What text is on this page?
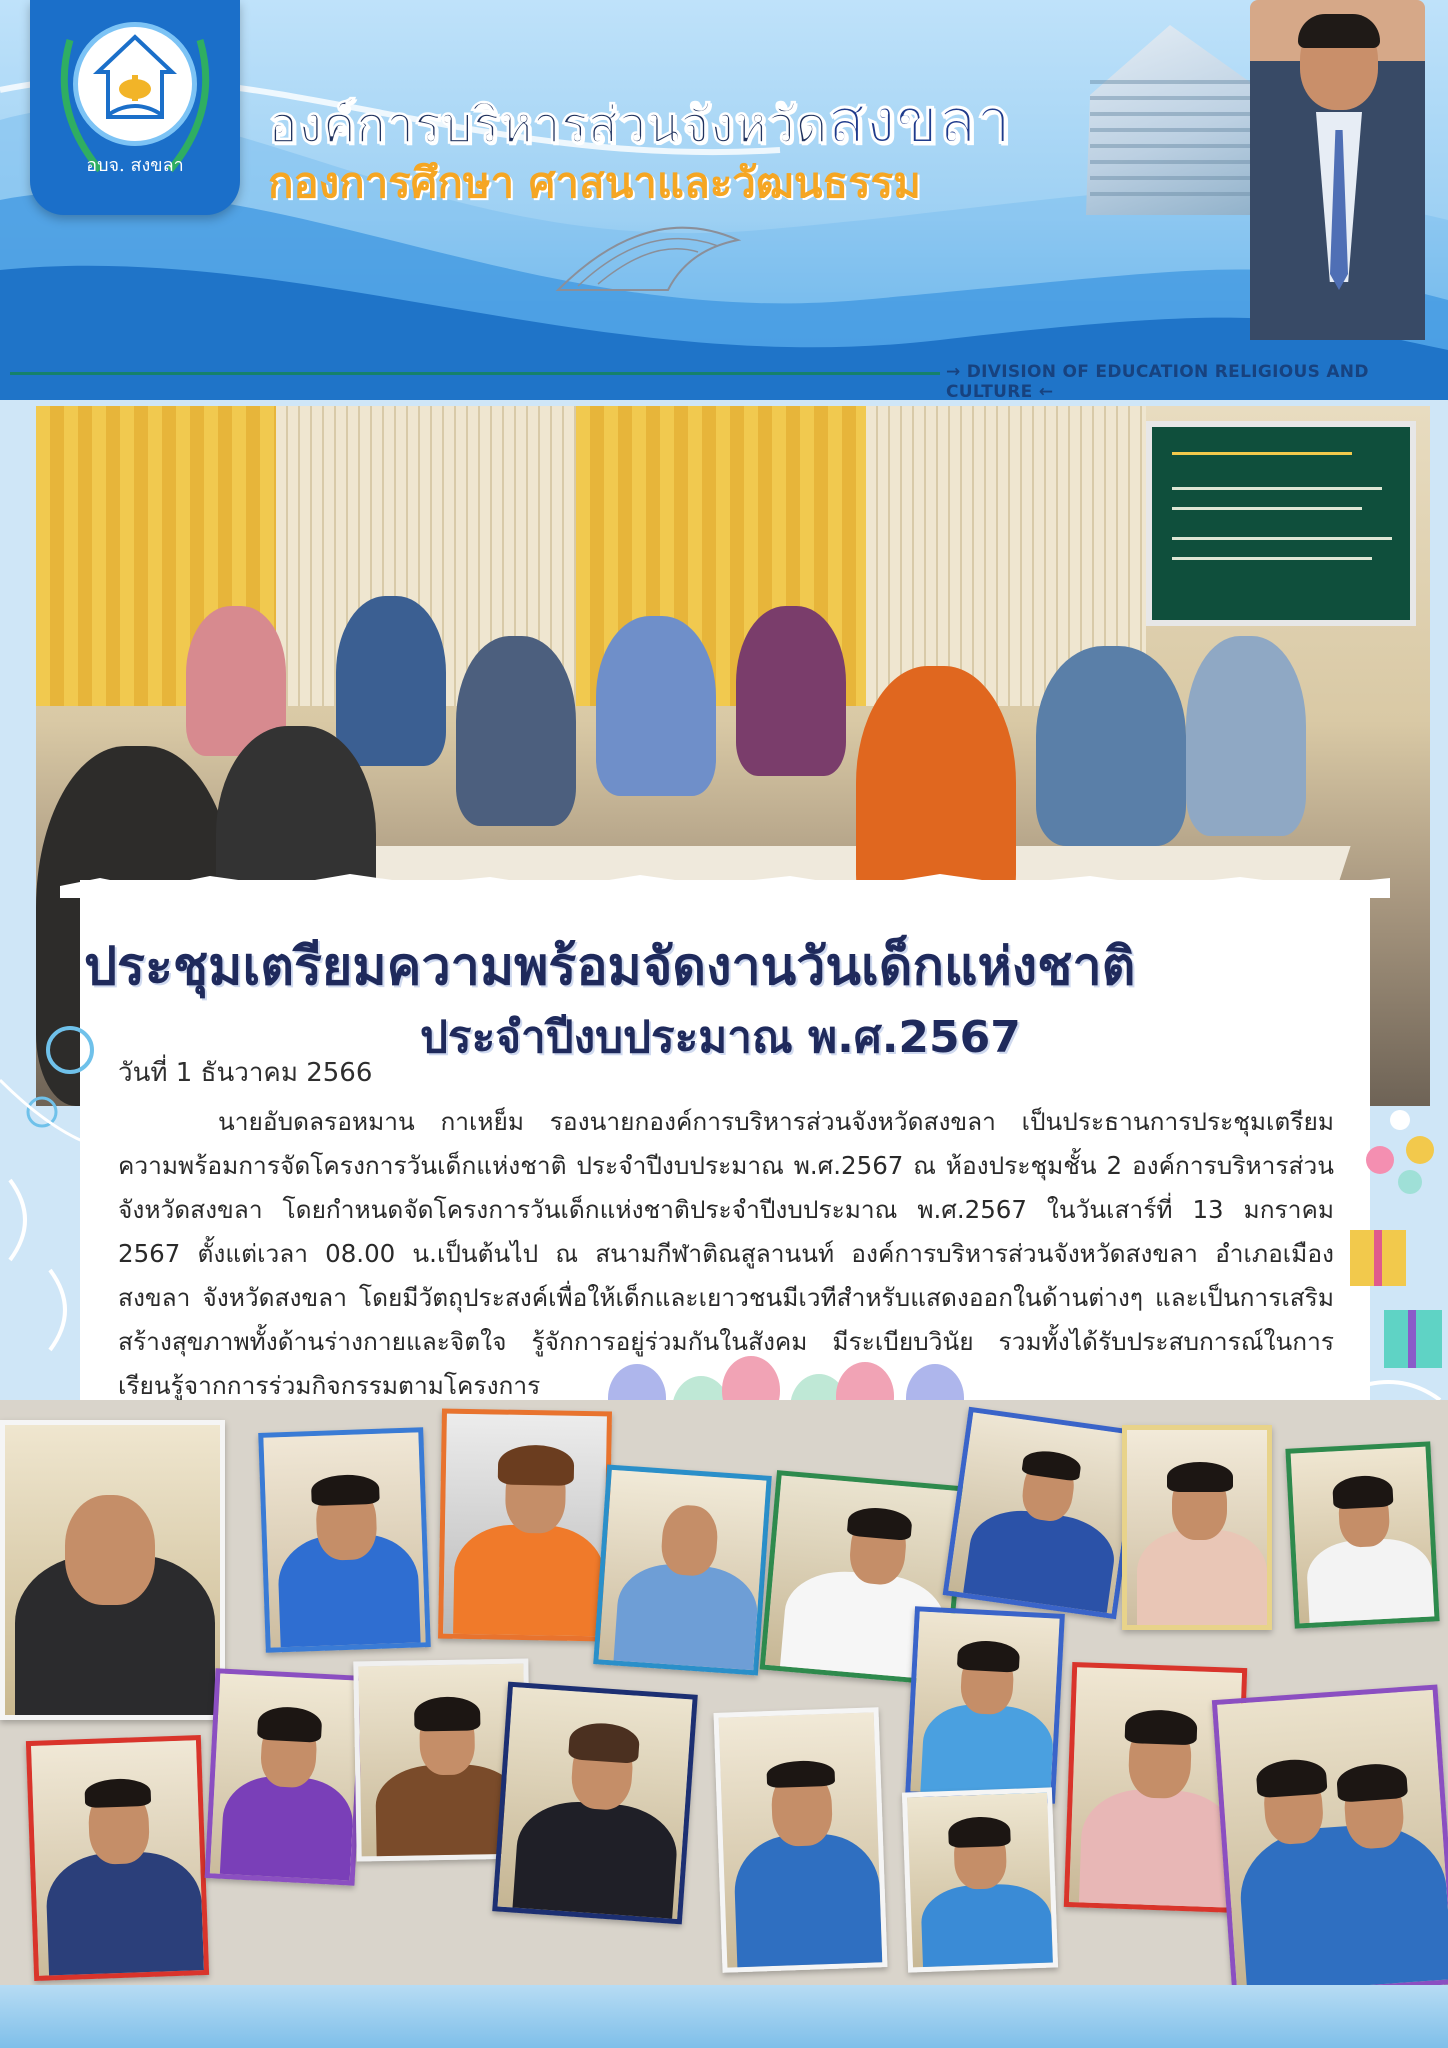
อบจ. สงขลา
องค์การบริหารส่วนจังหวัดสงขลา
กองการศึกษา ศาสนาและวัฒนธรรม
→ DIVISION OF EDUCATION RELIGIOUS AND CULTURE ←
ประชุมเตรียมความพร้อมจัดงานวันเด็กแห่งชาติ
ประจำปีงบประมาณ พ.ศ.2567
วันที่ 1 ธันวาคม 2566
นายอับดลรอหมาน กาเหย็ม รองนายกองค์การบริหารส่วนจังหวัดสงขลา เป็นประธานการประชุมเตรียมความพร้อมการจัดโครงการวันเด็กแห่งชาติ ประจำปีงบประมาณ พ.ศ.2567 ณ ห้องประชุมชั้น 2 องค์การบริหารส่วนจังหวัดสงขลา โดยกำหนดจัดโครงการวันเด็กแห่งชาติประจำปีงบประมาณ พ.ศ.2567 ในวันเสาร์ที่ 13 มกราคม 2567 ตั้งแต่เวลา 08.00 น.เป็นต้นไป ณ สนามกีฬาติณสูลานนท์ องค์การบริหารส่วนจังหวัดสงขลา อำเภอเมืองสงขลา จังหวัดสงขลา โดยมีวัตถุประสงค์เพื่อให้เด็กและเยาวชนมีเวทีสำหรับแสดงออกในด้านต่างๆ และเป็นการเสริมสร้างสุขภาพทั้งด้านร่างกายและจิตใจ รู้จักการอยู่ร่วมกันในสังคม มีระเบียบวินัย รวมทั้งได้รับประสบการณ์ในการเรียนรู้จากการร่วมกิจกรรมตามโครงการ
